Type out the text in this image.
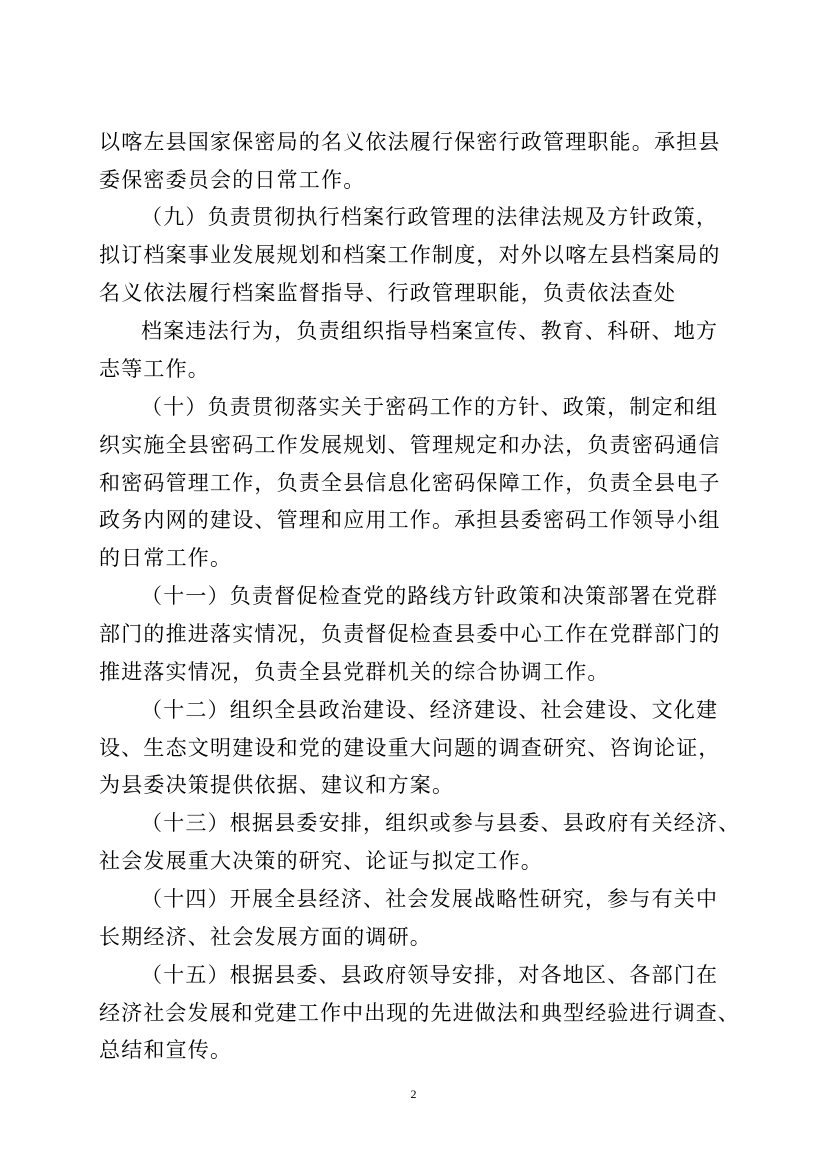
以喀左县国家保密局的名义依法履行保密行政管理职能。承担县
委保密委员会的日常工作。
（九）负责贯彻执行档案行政管理的法律法规及方针政策，
拟订档案事业发展规划和档案工作制度，对外以喀左县档案局的
名义依法履行档案监督指导、行政管理职能，负责依法查处
档案违法行为，负责组织指导档案宣传、教育、科研、地方
志等工作。
（十）负责贯彻落实关于密码工作的方针、政策，制定和组
织实施全县密码工作发展规划、管理规定和办法，负责密码通信
和密码管理工作，负责全县信息化密码保障工作，负责全县电子
政务内网的建设、管理和应用工作。承担县委密码工作领导小组
的日常工作。
（十一）负责督促检查党的路线方针政策和决策部署在党群
部门的推进落实情况，负责督促检查县委中心工作在党群部门的
推进落实情况，负责全县党群机关的综合协调工作。
（十二）组织全县政治建设、经济建设、社会建设、文化建
设、生态文明建设和党的建设重大问题的调查研究、咨询论证，
为县委决策提供依据、建议和方案。
（十三）根据县委安排，组织或参与县委、县政府有关经济、
社会发展重大决策的研究、论证与拟定工作。
（十四）开展全县经济、社会发展战略性研究，参与有关中
长期经济、社会发展方面的调研。
（十五）根据县委、县政府领导安排，对各地区、各部门在
经济社会发展和党建工作中出现的先进做法和典型经验进行调查、
总结和宣传。
2
